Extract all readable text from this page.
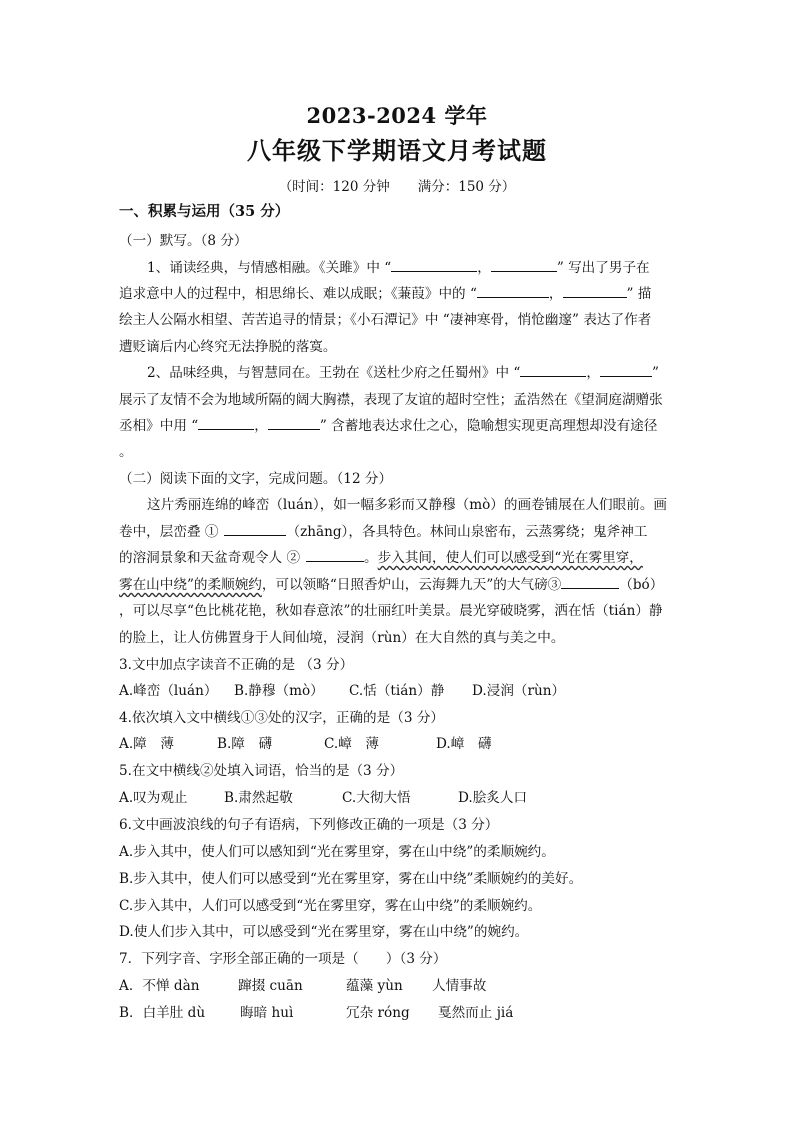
2023-2024 学年
八年级下学期语文月考试题
（时间：120 分钟 满分：150 分）
一、积累与运用（35 分）
（一）默写。（8 分）
1、诵读经典，与情感相融。《关雎》中 “	，	” 写出了男子在
追求意中人的过程中，相思绵长、难以成眠；《蒹葭》中的 “	，	” 描
绘主人公隔水相望、苦苦追寻的情景；《小石潭记》中 “凄神寒骨，悄怆幽邃” 表达了作者
遭贬谪后内心终究无法挣脱的落寞。
2、品味经典，与智慧同在。王勃在《送杜少府之任蜀州》中 “	，	”
展示了友情不会为地域所隔的阔大胸襟，表现了友谊的超时空性；孟浩然在《望洞庭湖赠张
丞相》中用 “	，	” 含蓄地表达求仕之心，隐喻想实现更高理想却没有途径
。
（二）阅读下面的文字，完成问题。（12 分）
这片秀丽连绵的峰峦（luán），如一幅多彩而又静穆（mò）的画卷铺展在人们眼前。画
卷中，层峦叠 ①	（zhāng），各具特色。林间山泉密布，云蒸雾绕；鬼斧神工
的溶洞景象和天盆奇观令人 ②	。步入其间，使人们可以感受到“光在雾里穿，
雾在山中绕”的柔顺婉约，可以领略“日照香炉山，云海舞九天”的大气磅③	（bó）
，可以尽享“色比桃花艳，秋如春意浓”的壮丽红叶美景。晨光穿破晓雾，洒在恬（tián）静
的脸上，让人仿佛置身于人间仙境，浸润（rùn）在大自然的真与美之中。
3.文中加点字读音不正确的是 （3 分）
A.峰峦（luán） B.静穆（mò） C.恬（tián）静 D.浸润（rùn）
4.依次填入文中横线①③处的汉字，正确的是（3 分）
A.障　薄	B.障　礴	C.嶂　薄	D.嶂　礴
5.在文中横线②处填入词语，恰当的是（3 分）
A.叹为观止	B.肃然起敬	C.大彻大悟	D.脍炙人口
6.文中画波浪线的句子有语病，下列修改正确的一项是（3 分）
A.步入其中，使人们可以感知到“光在雾里穿，雾在山中绕”的柔顺婉约。
B.步入其中，使人们可以感受到“光在雾里穿，雾在山中绕”柔顺婉约的美好。
C.步入其中，人们可以感受到“光在雾里穿，雾在山中绕”的柔顺婉约。
D.使人们步入其中，可以感受到“光在雾里穿，雾在山中绕”的婉约。
7．下列字音、字形全部正确的一项是（　　）（3 分）
A．不惮 dàn	蹿掇 cuān	蕴藻 yùn 人情事故
B．白羊肚 dù	晦暗 huì	冗杂 róng 戛然而止 jiá
